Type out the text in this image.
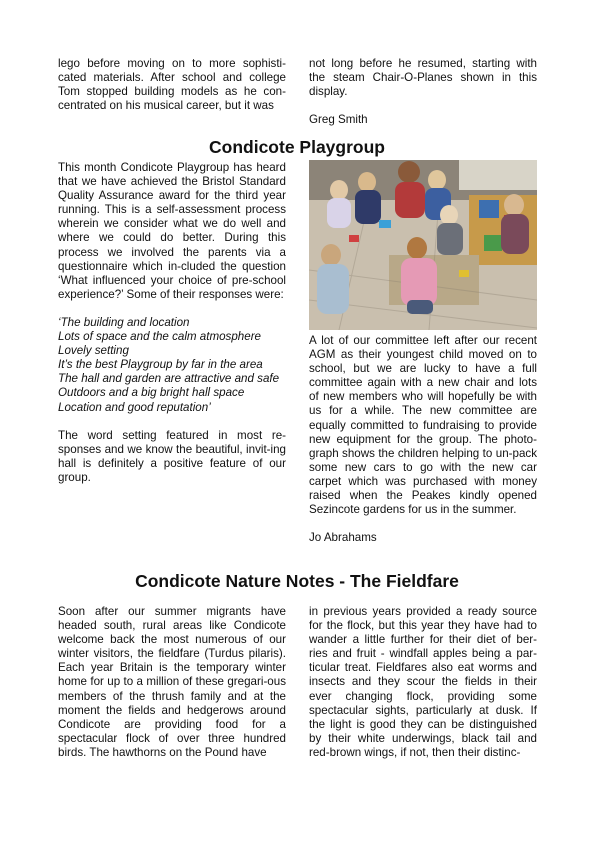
lego before moving on to more sophisti-cated materials. After school and college Tom stopped building models as he con-centrated on his musical career, but it was

not long before he resumed, starting with the steam Chair-O-Planes shown in this display.

Greg Smith

Condicote Playgroup

This month Condicote Playgroup has heard that we have achieved the Bristol Standard Quality Assurance award for the third year running. This is a self-assessment process wherein we consider what we do well and where we could do better. During this process we involved the parents via a questionnaire which in-cluded the question ‘What influenced your choice of pre-school experience?’ Some of their responses were:

‘The building and location
Lots of space and the calm atmosphere
Lovely setting
It’s the best Playgroup by far in the area
The hall and garden are attractive and safe
Outdoors and a big bright hall space
Location and good reputation’

The word setting featured in most re-sponses and we know the beautiful, invit-ing hall is definitely a positive feature of our group.

A lot of our committee left after our recent AGM as their youngest child moved on to school, but we are lucky to have a full committee again with a new chair and lots of new members who will hopefully be with us for a while. The new committee are equally committed to fundraising to provide new equipment for the group. The photo-graph shows the children helping to un-pack some new cars to go with the new car carpet which was purchased with money raised when the Peakes kindly opened Sezincote gardens for us in the summer.

Jo Abrahams

Condicote Nature Notes - The Fieldfare

Soon after our summer migrants have headed south, rural areas like Condicote welcome back the most numerous of our winter visitors, the fieldfare (Turdus pilaris). Each year Britain is the temporary winter home for up to a million of these gregari-ous members of the thrush family and at the moment the fields and hedgerows around Condicote are providing food for a spectacular flock of over three hundred birds. The hawthorns on the Pound have

in previous years provided a ready source for the flock, but this year they have had to wander a little further for their diet of ber-ries and fruit - windfall apples being a par-ticular treat. Fieldfares also eat worms and insects and they scour the fields in their ever changing flock, providing some spectacular sights, particularly at dusk. If the light is good they can be distinguished by their white underwings, black tail and red-brown wings, if not, then their distinc-
